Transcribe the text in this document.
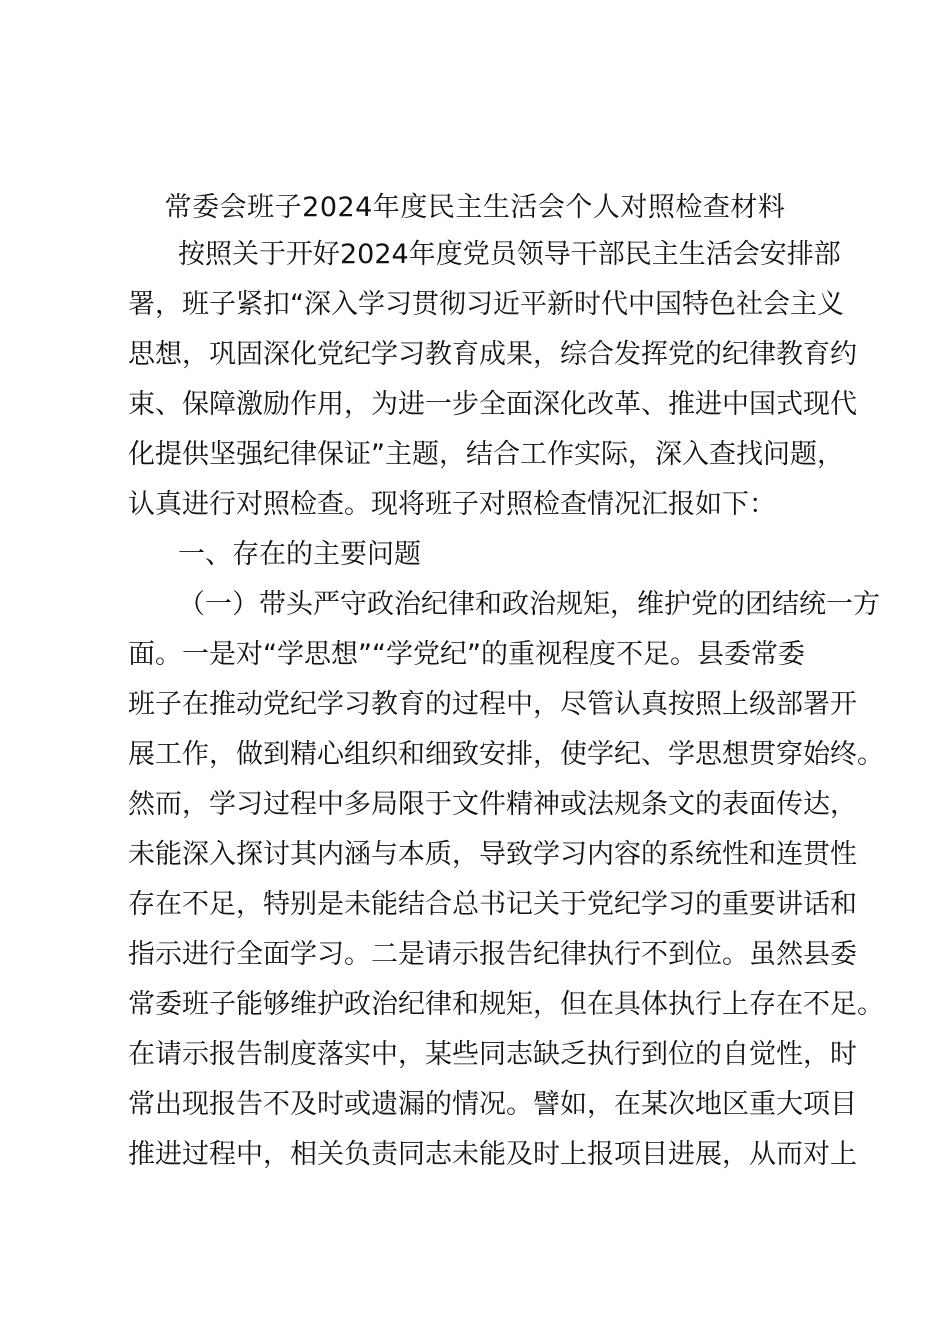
常委会班子2024年度民主生活会个人对照检查材料
按照关于开好2024年度党员领导干部民主生活会安排部
署，班子紧扣“深入学习贯彻习近平新时代中国特色社会主义
思想，巩固深化党纪学习教育成果，综合发挥党的纪律教育约
束、保障激励作用，为进一步全面深化改革、推进中国式现代
化提供坚强纪律保证”主题，结合工作实际，深入查找问题，
认真进行对照检查。现将班子对照检查情况汇报如下：
一、存在的主要问题
（一）带头严守政治纪律和政治规矩，维护党的团结统一方
面。一是对“学思想”“学党纪”的重视程度不足。县委常委
班子在推动党纪学习教育的过程中，尽管认真按照上级部署开
展工作，做到精心组织和细致安排，使学纪、学思想贯穿始终。
然而，学习过程中多局限于文件精神或法规条文的表面传达，
未能深入探讨其内涵与本质，导致学习内容的系统性和连贯性
存在不足，特别是未能结合总书记关于党纪学习的重要讲话和
指示进行全面学习。二是请示报告纪律执行不到位。虽然县委
常委班子能够维护政治纪律和规矩，但在具体执行上存在不足。
在请示报告制度落实中，某些同志缺乏执行到位的自觉性，时
常出现报告不及时或遗漏的情况。譬如，在某次地区重大项目
推进过程中，相关负责同志未能及时上报项目进展，从而对上
